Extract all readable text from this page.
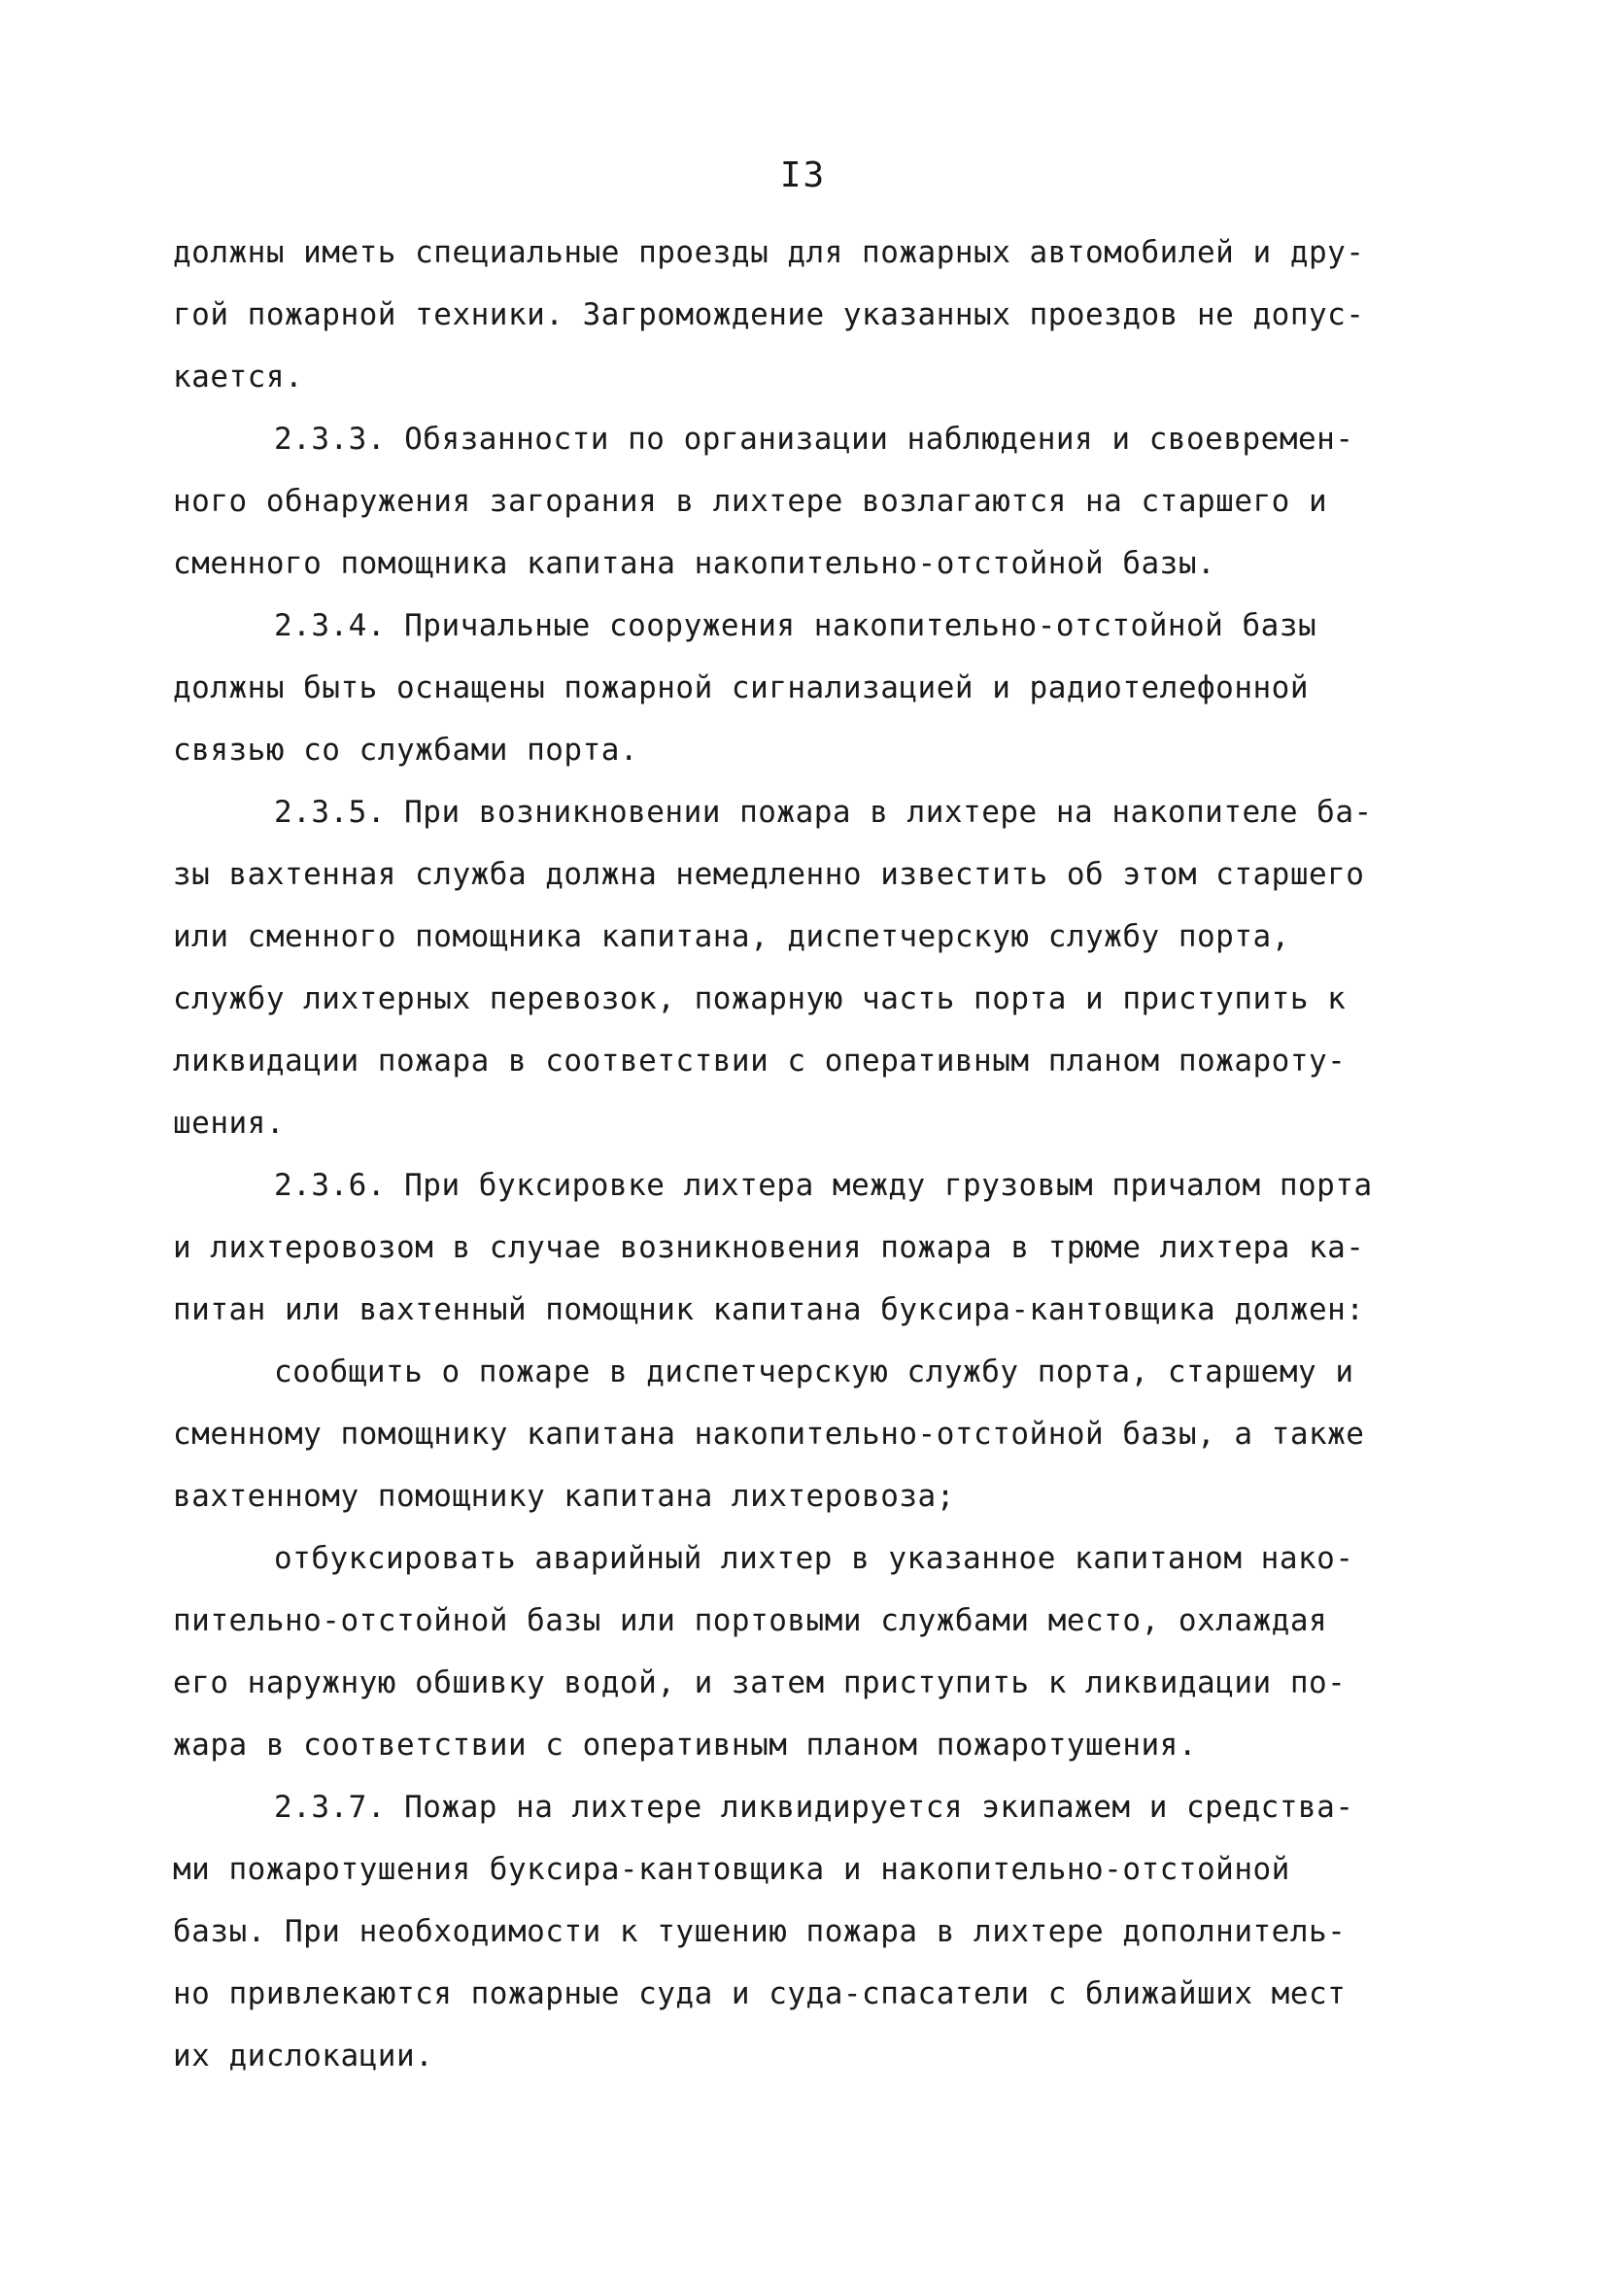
I3
должны иметь специальные проезды для пожарных автомобилей и дру-
гой пожарной техники. Загромождение указанных проездов не допус-
кается.
2.3.3. Обязанности по организации наблюдения и своевремен-
ного обнаружения загорания в лихтере возлагаются на старшего и
сменного помощника капитана накопительно-отстойной базы.
2.3.4. Причальные сооружения накопительно-отстойной базы
должны быть оснащены пожарной сигнализацией и радиотелефонной
связью со службами порта.
2.3.5. При возникновении пожара в лихтере на накопителе ба-
зы вахтенная служба должна немедленно известить об этом старшего
или сменного помощника капитана, диспетчерскую службу порта,
службу лихтерных перевозок, пожарную часть порта и приступить к
ликвидации пожара в соответствии с оперативным планом пожароту-
шения.
2.3.6. При буксировке лихтера между грузовым причалом порта
и лихтеровозом в случае возникновения пожара в трюме лихтера ка-
питан или вахтенный помощник капитана буксира-кантовщика должен:
сообщить о пожаре в диспетчерскую службу порта, старшему и
сменному помощнику капитана накопительно-отстойной базы, а также
вахтенному помощнику капитана лихтеровоза;
отбуксировать аварийный лихтер в указанное капитаном нако-
пительно-отстойной базы или портовыми службами место, охлаждая
его наружную обшивку водой, и затем приступить к ликвидации по-
жара в соответствии с оперативным планом пожаротушения.
2.3.7. Пожар на лихтере ликвидируется экипажем и средства-
ми пожаротушения буксира-кантовщика и накопительно-отстойной
базы. При необходимости к тушению пожара в лихтере дополнитель-
но привлекаются пожарные суда и суда-спасатели с ближайших мест
их дислокации.
